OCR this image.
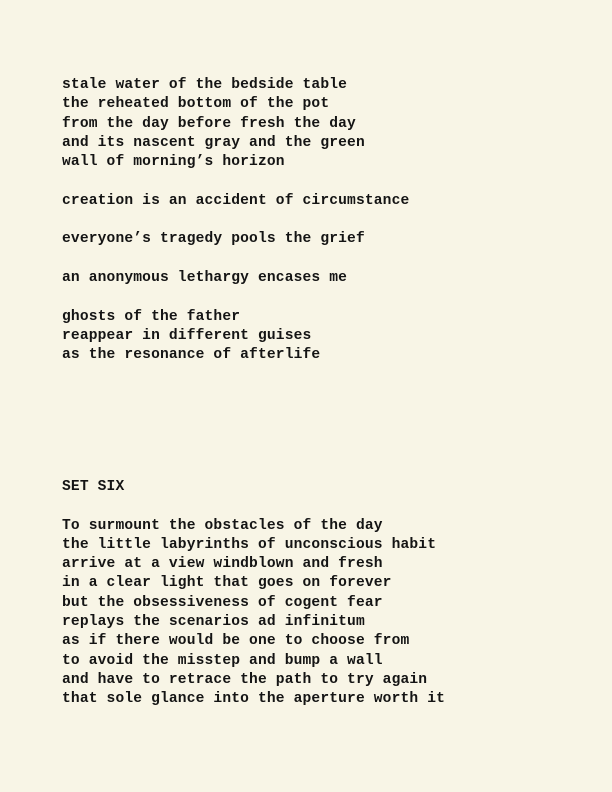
stale water of the bedside table
the reheated bottom of the pot
from the day before fresh the day
and its nascent gray and the green
wall of morning’s horizon
creation is an accident of circumstance
everyone’s tragedy pools the grief
an anonymous lethargy encases me
ghosts of the father
reappear in different guises
as the resonance of afterlife
SET SIX
To surmount the obstacles of the day
the little labyrinths of unconscious habit
arrive at a view windblown and fresh
in a clear light that goes on forever
but the obsessiveness of cogent fear
replays the scenarios ad infinitum
as if there would be one to choose from
to avoid the misstep and bump a wall
and have to retrace the path to try again
that sole glance into the aperture worth it
